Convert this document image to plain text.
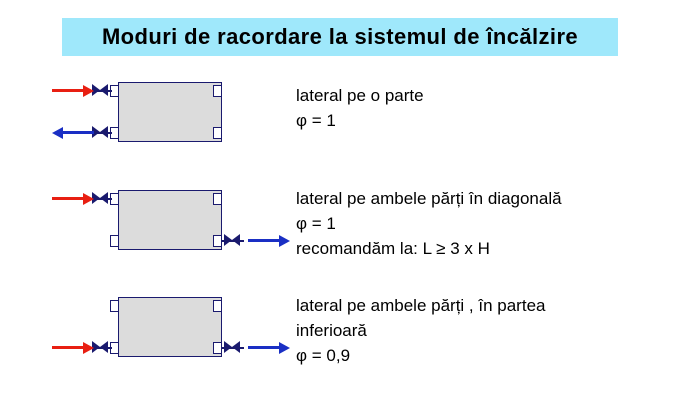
Moduri de racordare la sistemul de încălzire
lateral pe o parte
φ = 1
lateral pe ambele părți în diagonală
φ = 1
recomandăm la: L ≥ 3 x H
lateral pe ambele părți , în partea
inferioară
φ = 0,9
